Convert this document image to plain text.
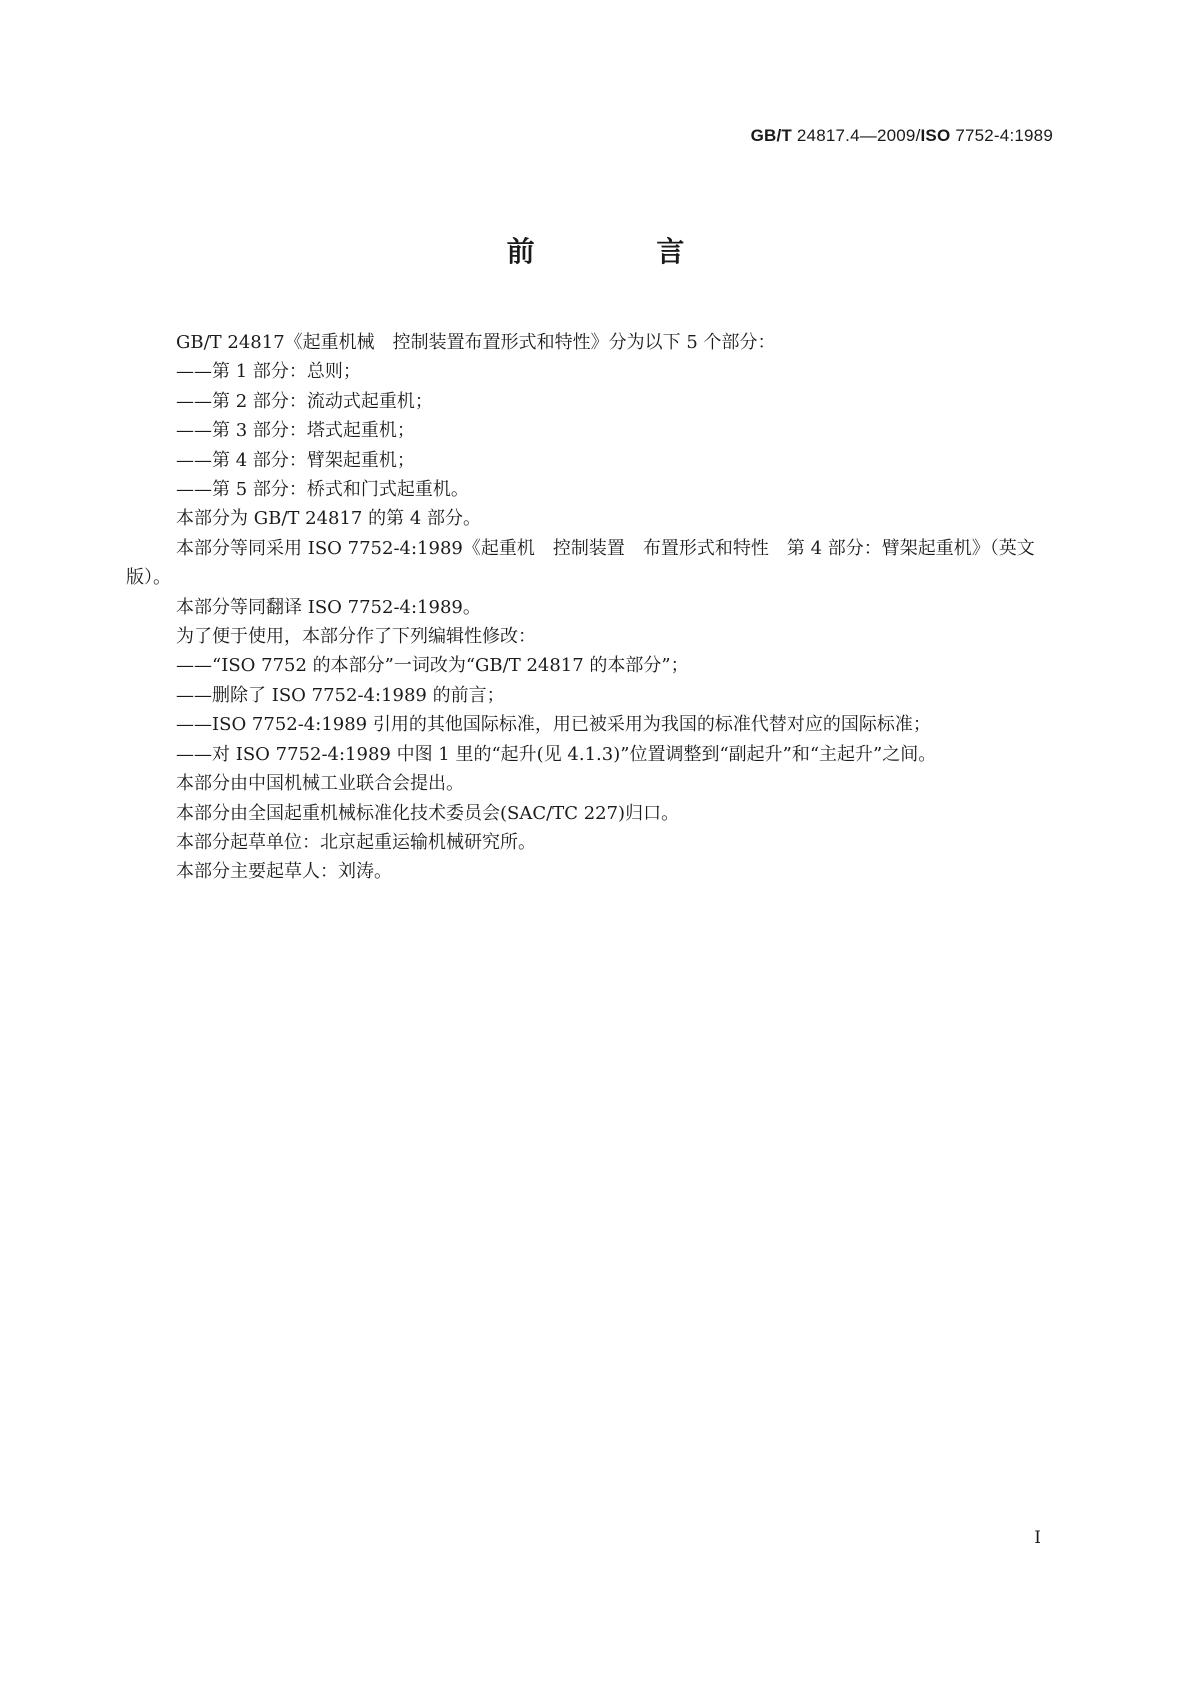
GB/T 24817.4—2009/ISO 7752-4:1989
前 言

GB/T 24817《起重机械　控制装置布置形式和特性》分为以下 5 个部分：

——第 1 部分：总则；

——第 2 部分：流动式起重机；

——第 3 部分：塔式起重机；

——第 4 部分：臂架起重机；

——第 5 部分：桥式和门式起重机。

本部分为 GB/T 24817 的第 4 部分。

本部分等同采用 ISO 7752-4:1989《起重机　控制装置　布置形式和特性　第 4 部分：臂架起重机》（英文版）。

本部分等同翻译 ISO 7752-4:1989。

为了便于使用，本部分作了下列编辑性修改：

——“ISO 7752 的本部分”一词改为“GB/T 24817 的本部分”；

——删除了 ISO 7752-4:1989 的前言；

——ISO 7752-4:1989 引用的其他国际标准，用已被采用为我国的标准代替对应的国际标准；

——对 ISO 7752-4:1989 中图 1 里的“起升(见 4.1.3)”位置调整到“副起升”和“主起升”之间。

本部分由中国机械工业联合会提出。

本部分由全国起重机械标准化技术委员会(SAC/TC 227)归口。

本部分起草单位：北京起重运输机械研究所。

本部分主要起草人：刘涛。

I
